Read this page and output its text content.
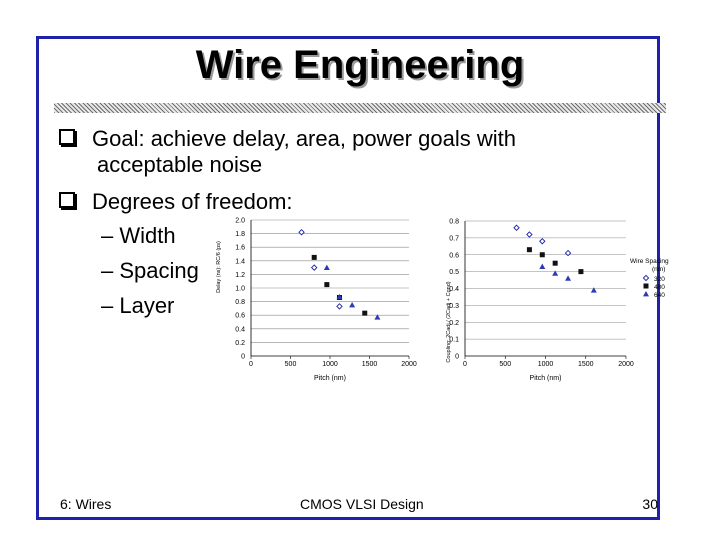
Wire Engineering
Goal: achieve delay, area, power goals with
acceptable noise
Degrees of freedom:
– Width
– Spacing
– Layer
0
0.2
0.4
0.6
0.8
1.0
1.2
1.4
1.6
1.8
2.0
0	500	1000	1500	2000
Pitch (nm)
Delay (ns): RC/6 (ps)
0
0.1
0.2
0.3
0.4
0.5
0.6
0.7
0.8
0	500	1000	1500	2000
Pitch (nm)
Coupling: 2Cadj / (2Cadj + Cgnd)
Wire Spacing
(nm)
320
480
640
6: Wires	CMOS VLSI Design	30
